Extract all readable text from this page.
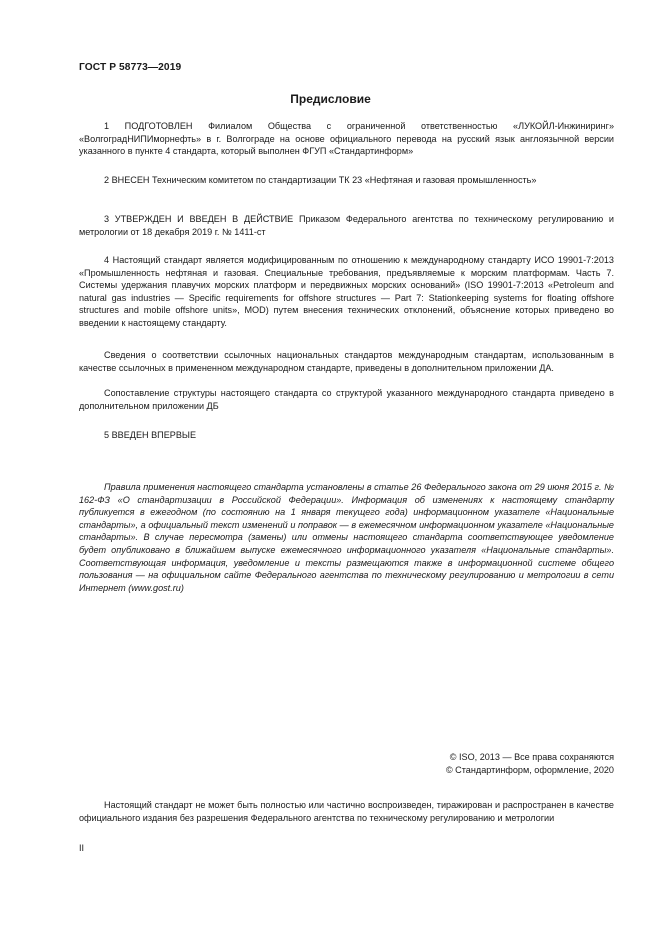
ГОСТ Р 58773—2019
Предисловие
1 ПОДГОТОВЛЕН Филиалом Общества с ограниченной ответственностью «ЛУКОЙЛ-Инжиниринг» «ВолгоградНИПИморнефть» в г. Волгограде на основе официального перевода на русский язык англоязычной версии указанного в пункте 4 стандарта, который выполнен ФГУП «Стандартинформ»
2 ВНЕСЕН Техническим комитетом по стандартизации ТК 23 «Нефтяная и газовая промышленность»
3 УТВЕРЖДЕН И ВВЕДЕН В ДЕЙСТВИЕ Приказом Федерального агентства по техническому регулированию и метрологии от 18 декабря 2019 г. № 1411-ст
4 Настоящий стандарт является модифицированным по отношению к международному стандарту ИСО 19901-7:2013 «Промышленность нефтяная и газовая. Специальные требования, предъявляемые к морским платформам. Часть 7. Системы удержания плавучих морских платформ и передвижных морских оснований» (ISO 19901-7:2013 «Petroleum and natural gas industries — Specific requirements for offshore structures — Part 7: Stationkeeping systems for floating offshore structures and mobile offshore units», MOD) путем внесения технических отклонений, объяснение которых приведено во введении к настоящему стандарту.
Сведения о соответствии ссылочных национальных стандартов международным стандартам, использованным в качестве ссылочных в примененном международном стандарте, приведены в дополнительном приложении ДА.
Сопоставление структуры настоящего стандарта со структурой указанного международного стандарта приведено в дополнительном приложении ДБ
5 ВВЕДЕН ВПЕРВЫЕ
Правила применения настоящего стандарта установлены в статье 26 Федерального закона от 29 июня 2015 г. № 162-ФЗ «О стандартизации в Российской Федерации». Информация об изменениях к настоящему стандарту публикуется в ежегодном (по состоянию на 1 января текущего года) информационном указателе «Национальные стандарты», а официальный текст изменений и поправок — в ежемесячном информационном указателе «Национальные стандарты». В случае пересмотра (замены) или отмены настоящего стандарта соответствующее уведомление будет опубликовано в ближайшем выпуске ежемесячного информационного указателя «Национальные стандарты». Соответствующая информация, уведомление и тексты размещаются также в информационной системе общего пользования — на официальном сайте Федерального агентства по техническому регулированию и метрологии в сети Интернет (www.gost.ru)
© ISO, 2013 — Все права сохраняются
© Стандартинформ, оформление, 2020
Настоящий стандарт не может быть полностью или частично воспроизведен, тиражирован и распространен в качестве официального издания без разрешения Федерального агентства по техническому регулированию и метрологии
II
